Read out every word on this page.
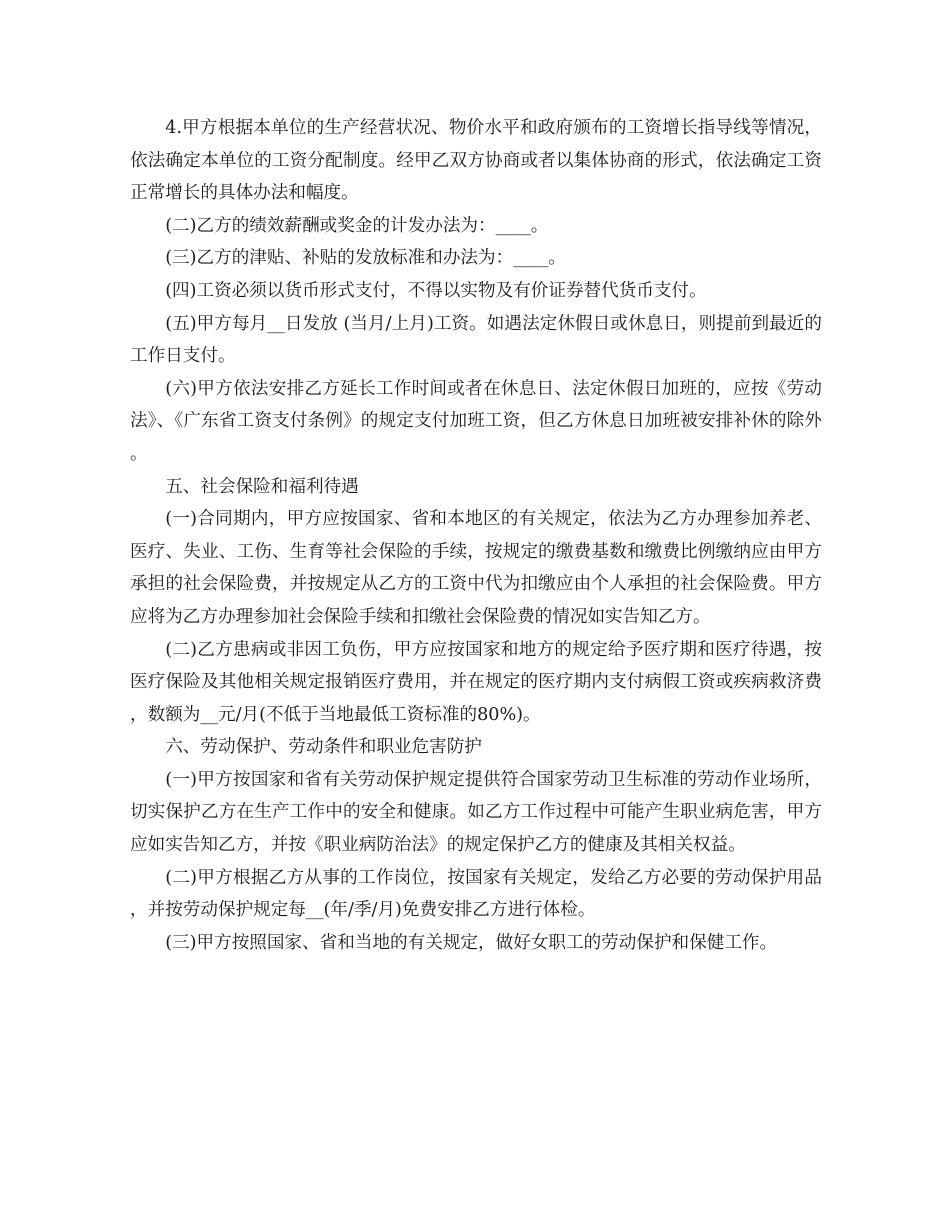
4.甲方根据本单位的生产经营状况、物价水平和政府颁布的工资增长指导线等情况，依法确定本单位的工资分配制度。经甲乙双方协商或者以集体协商的形式，依法确定工资正常增长的具体办法和幅度。

(二)乙方的绩效薪酬或奖金的计发办法为：____。

(三)乙方的津贴、补贴的发放标准和办法为：____。

(四)工资必须以货币形式支付，不得以实物及有价证券替代货币支付。

(五)甲方每月__日发放 (当月/上月)工资。如遇法定休假日或休息日，则提前到最近的工作日支付。

(六)甲方依法安排乙方延长工作时间或者在休息日、法定休假日加班的，应按《劳动法》、《广东省工资支付条例》的规定支付加班工资，但乙方休息日加班被安排补休的除外。

五、社会保险和福利待遇

(一)合同期内，甲方应按国家、省和本地区的有关规定，依法为乙方办理参加养老、医疗、失业、工伤、生育等社会保险的手续，按规定的缴费基数和缴费比例缴纳应由甲方承担的社会保险费，并按规定从乙方的工资中代为扣缴应由个人承担的社会保险费。甲方应将为乙方办理参加社会保险手续和扣缴社会保险费的情况如实告知乙方。

(二)乙方患病或非因工负伤，甲方应按国家和地方的规定给予医疗期和医疗待遇，按医疗保险及其他相关规定报销医疗费用，并在规定的医疗期内支付病假工资或疾病救济费，数额为__元/月(不低于当地最低工资标准的80%)。

六、劳动保护、劳动条件和职业危害防护

(一)甲方按国家和省有关劳动保护规定提供符合国家劳动卫生标准的劳动作业场所，切实保护乙方在生产工作中的安全和健康。如乙方工作过程中可能产生职业病危害，甲方应如实告知乙方，并按《职业病防治法》的规定保护乙方的健康及其相关权益。

(二)甲方根据乙方从事的工作岗位，按国家有关规定，发给乙方必要的劳动保护用品，并按劳动保护规定每__(年/季/月)免费安排乙方进行体检。

(三)甲方按照国家、省和当地的有关规定，做好女职工的劳动保护和保健工作。
